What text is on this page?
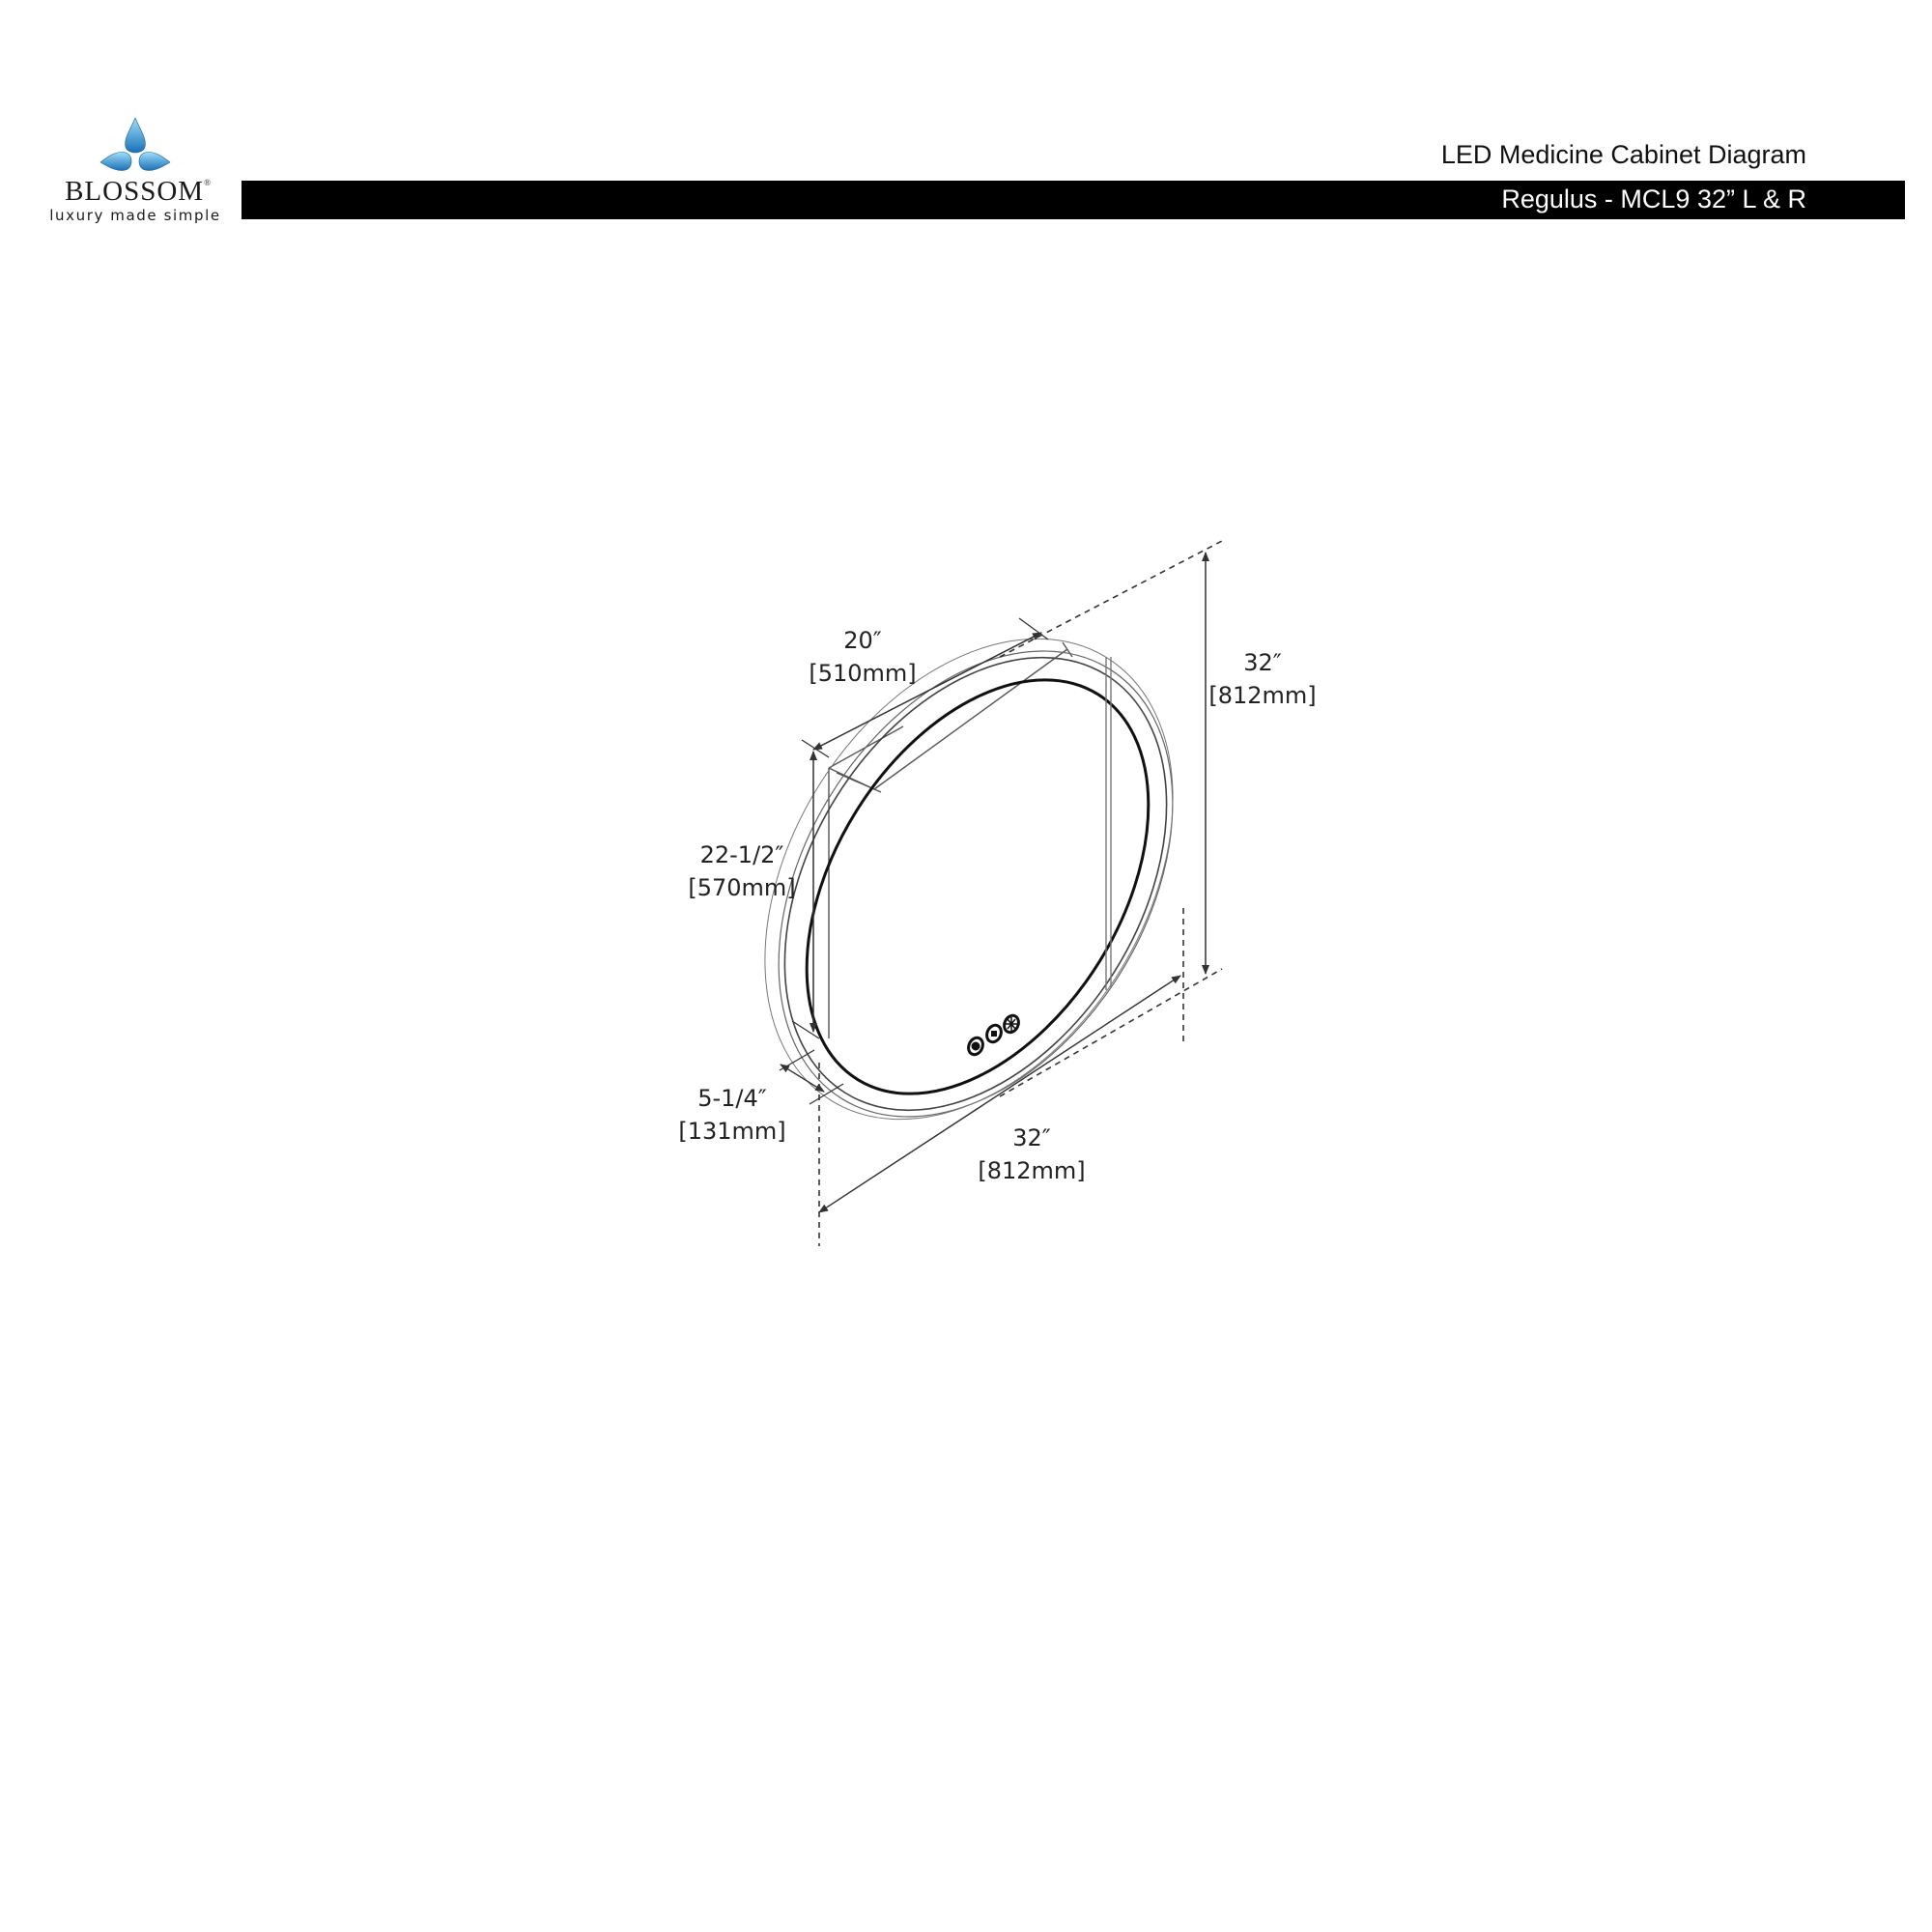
BLOSSOM®
luxury made simple
LED Medicine Cabinet Diagram
Regulus - MCL9 32” L & R
20″
[510mm]	32″
[812mm]
22-1/2″
[570mm]
5-1/4″
[131mm]	32″
[812mm]
